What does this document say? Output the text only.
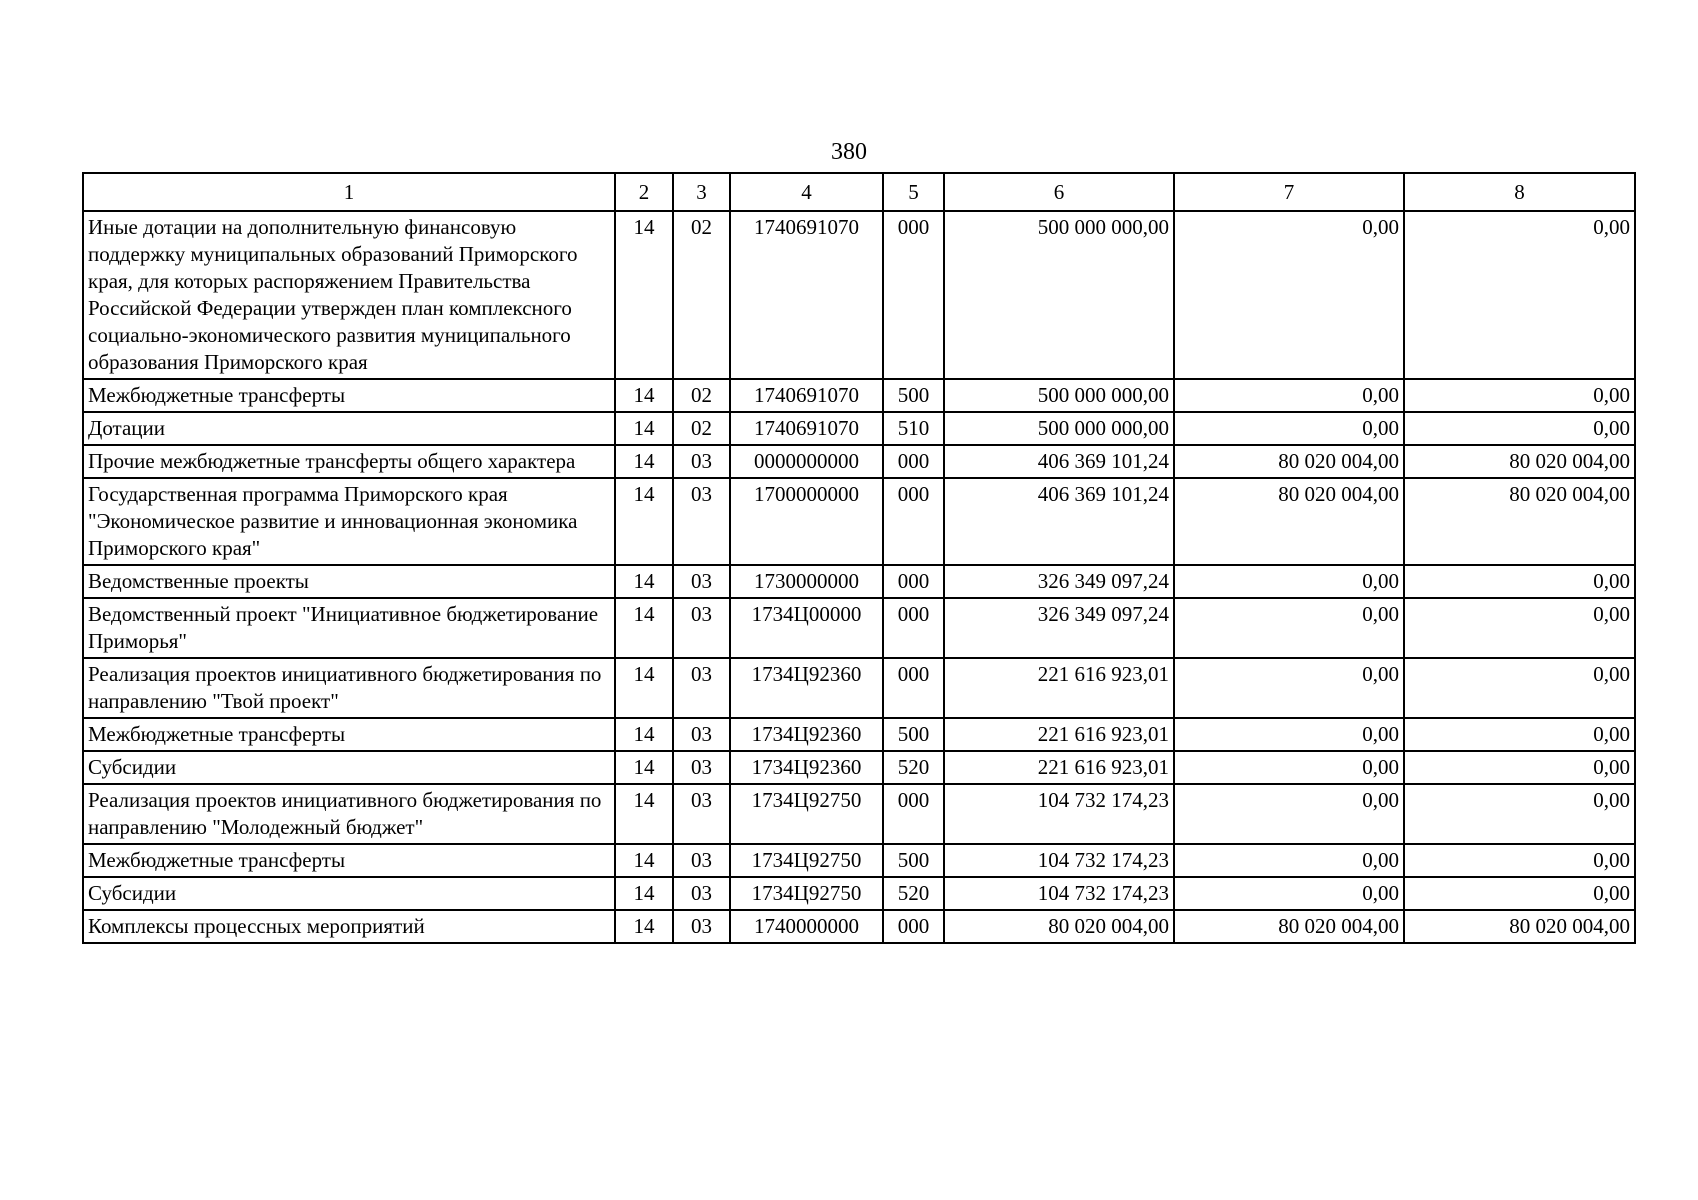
380
1	2	3	4	5	6	7	8
Иные дотации на дополнительную финансовую поддержку муниципальных образований Приморского края, для которых распоряжением Правительства Российской Федерации утвержден план комплексного социально-экономического развития муниципального образования Приморского края	14	02	1740691070	000	500 000 000,00	0,00	0,00
Межбюджетные трансферты	14	02	1740691070	500	500 000 000,00	0,00	0,00
Дотации	14	02	1740691070	510	500 000 000,00	0,00	0,00
Прочие межбюджетные трансферты общего характера	14	03	0000000000	000	406 369 101,24	80 020 004,00	80 020 004,00
Государственная программа Приморского края "Экономическое развитие и инновационная экономика Приморского края"	14	03	1700000000	000	406 369 101,24	80 020 004,00	80 020 004,00
Ведомственные проекты	14	03	1730000000	000	326 349 097,24	0,00	0,00
Ведомственный проект "Инициативное бюджетирование Приморья"	14	03	1734Ц00000	000	326 349 097,24	0,00	0,00
Реализация проектов инициативного бюджетирования по направлению "Твой проект"	14	03	1734Ц92360	000	221 616 923,01	0,00	0,00
Межбюджетные трансферты	14	03	1734Ц92360	500	221 616 923,01	0,00	0,00
Субсидии	14	03	1734Ц92360	520	221 616 923,01	0,00	0,00
Реализация проектов инициативного бюджетирования по направлению "Молодежный бюджет"	14	03	1734Ц92750	000	104 732 174,23	0,00	0,00
Межбюджетные трансферты	14	03	1734Ц92750	500	104 732 174,23	0,00	0,00
Субсидии	14	03	1734Ц92750	520	104 732 174,23	0,00	0,00
Комплексы процессных мероприятий	14	03	1740000000	000	80 020 004,00	80 020 004,00	80 020 004,00
